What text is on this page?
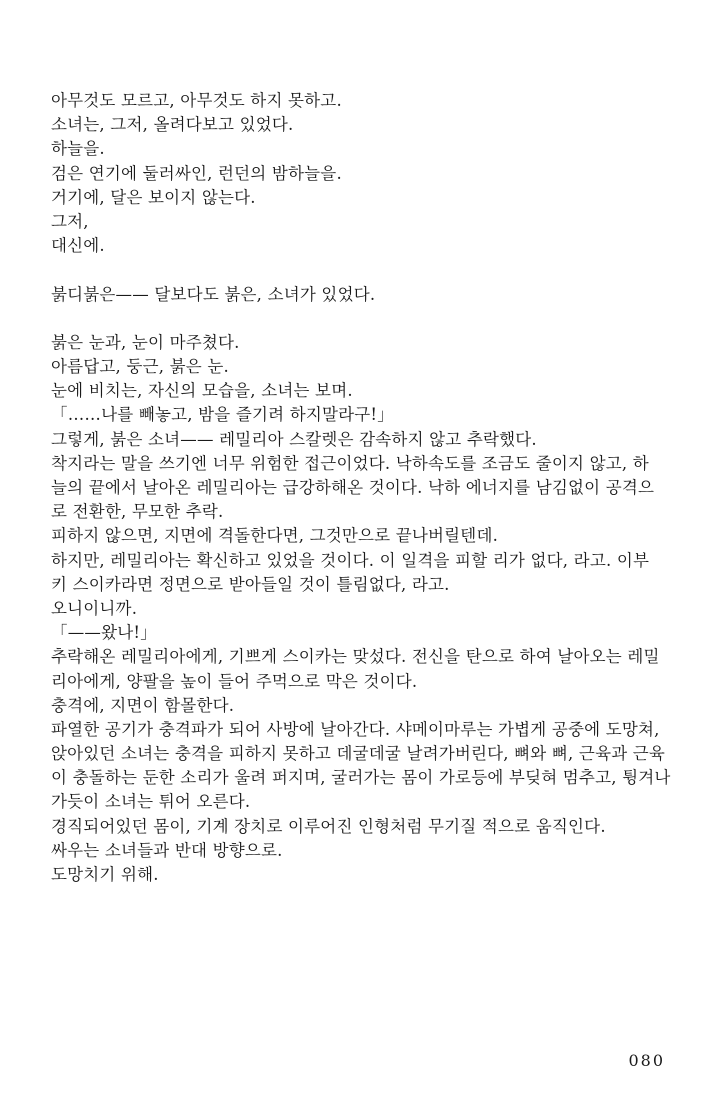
아무것도 모르고, 아무것도 하지 못하고.
소녀는, 그저, 올려다보고 있었다.
하늘을.
검은 연기에 둘러싸인, 런던의 밤하늘을.
거기에, 달은 보이지 않는다.
그저,
대신에.
붉디붉은—— 달보다도 붉은, 소녀가 있었다.
붉은 눈과, 눈이 마주쳤다.
아름답고, 둥근, 붉은 눈.
눈에 비치는, 자신의 모습을, 소녀는 보며.
「……나를 빼놓고, 밤을 즐기려 하지말라구!」
그렇게, 붉은 소녀—— 레밀리아 스칼렛은 감속하지 않고 추락했다.
착지라는 말을 쓰기엔 너무 위험한 접근이었다. 낙하속도를 조금도 줄이지 않고, 하
늘의 끝에서 날아온 레밀리아는 급강하해온 것이다. 낙하 에너지를 남김없이 공격으
로 전환한, 무모한 추락.
피하지 않으면, 지면에 격돌한다면, 그것만으로 끝나버릴텐데.
하지만, 레밀리아는 확신하고 있었을 것이다. 이 일격을 피할 리가 없다, 라고. 이부
키 스이카라면 정면으로 받아들일 것이 틀림없다, 라고.
오니이니까.
「——왔나!」
추락해온 레밀리아에게, 기쁘게 스이카는 맞섰다. 전신을 탄으로 하여 날아오는 레밀
리아에게, 양팔을 높이 들어 주먹으로 막은 것이다.
충격에, 지면이 함몰한다.
파열한 공기가 충격파가 되어 사방에 날아간다. 샤메이마루는 가볍게 공중에 도망쳐,
앉아있던 소녀는 충격을 피하지 못하고 데굴데굴 날려가버린다, 뼈와 뼈, 근육과 근육
이 충돌하는 둔한 소리가 울려 퍼지며, 굴러가는 몸이 가로등에 부딪혀 멈추고, 튕겨나
가듯이 소녀는 튀어 오른다.
경직되어있던 몸이, 기계 장치로 이루어진 인형처럼 무기질 적으로 움직인다.
싸우는 소녀들과 반대 방향으로.
도망치기 위해.
080
